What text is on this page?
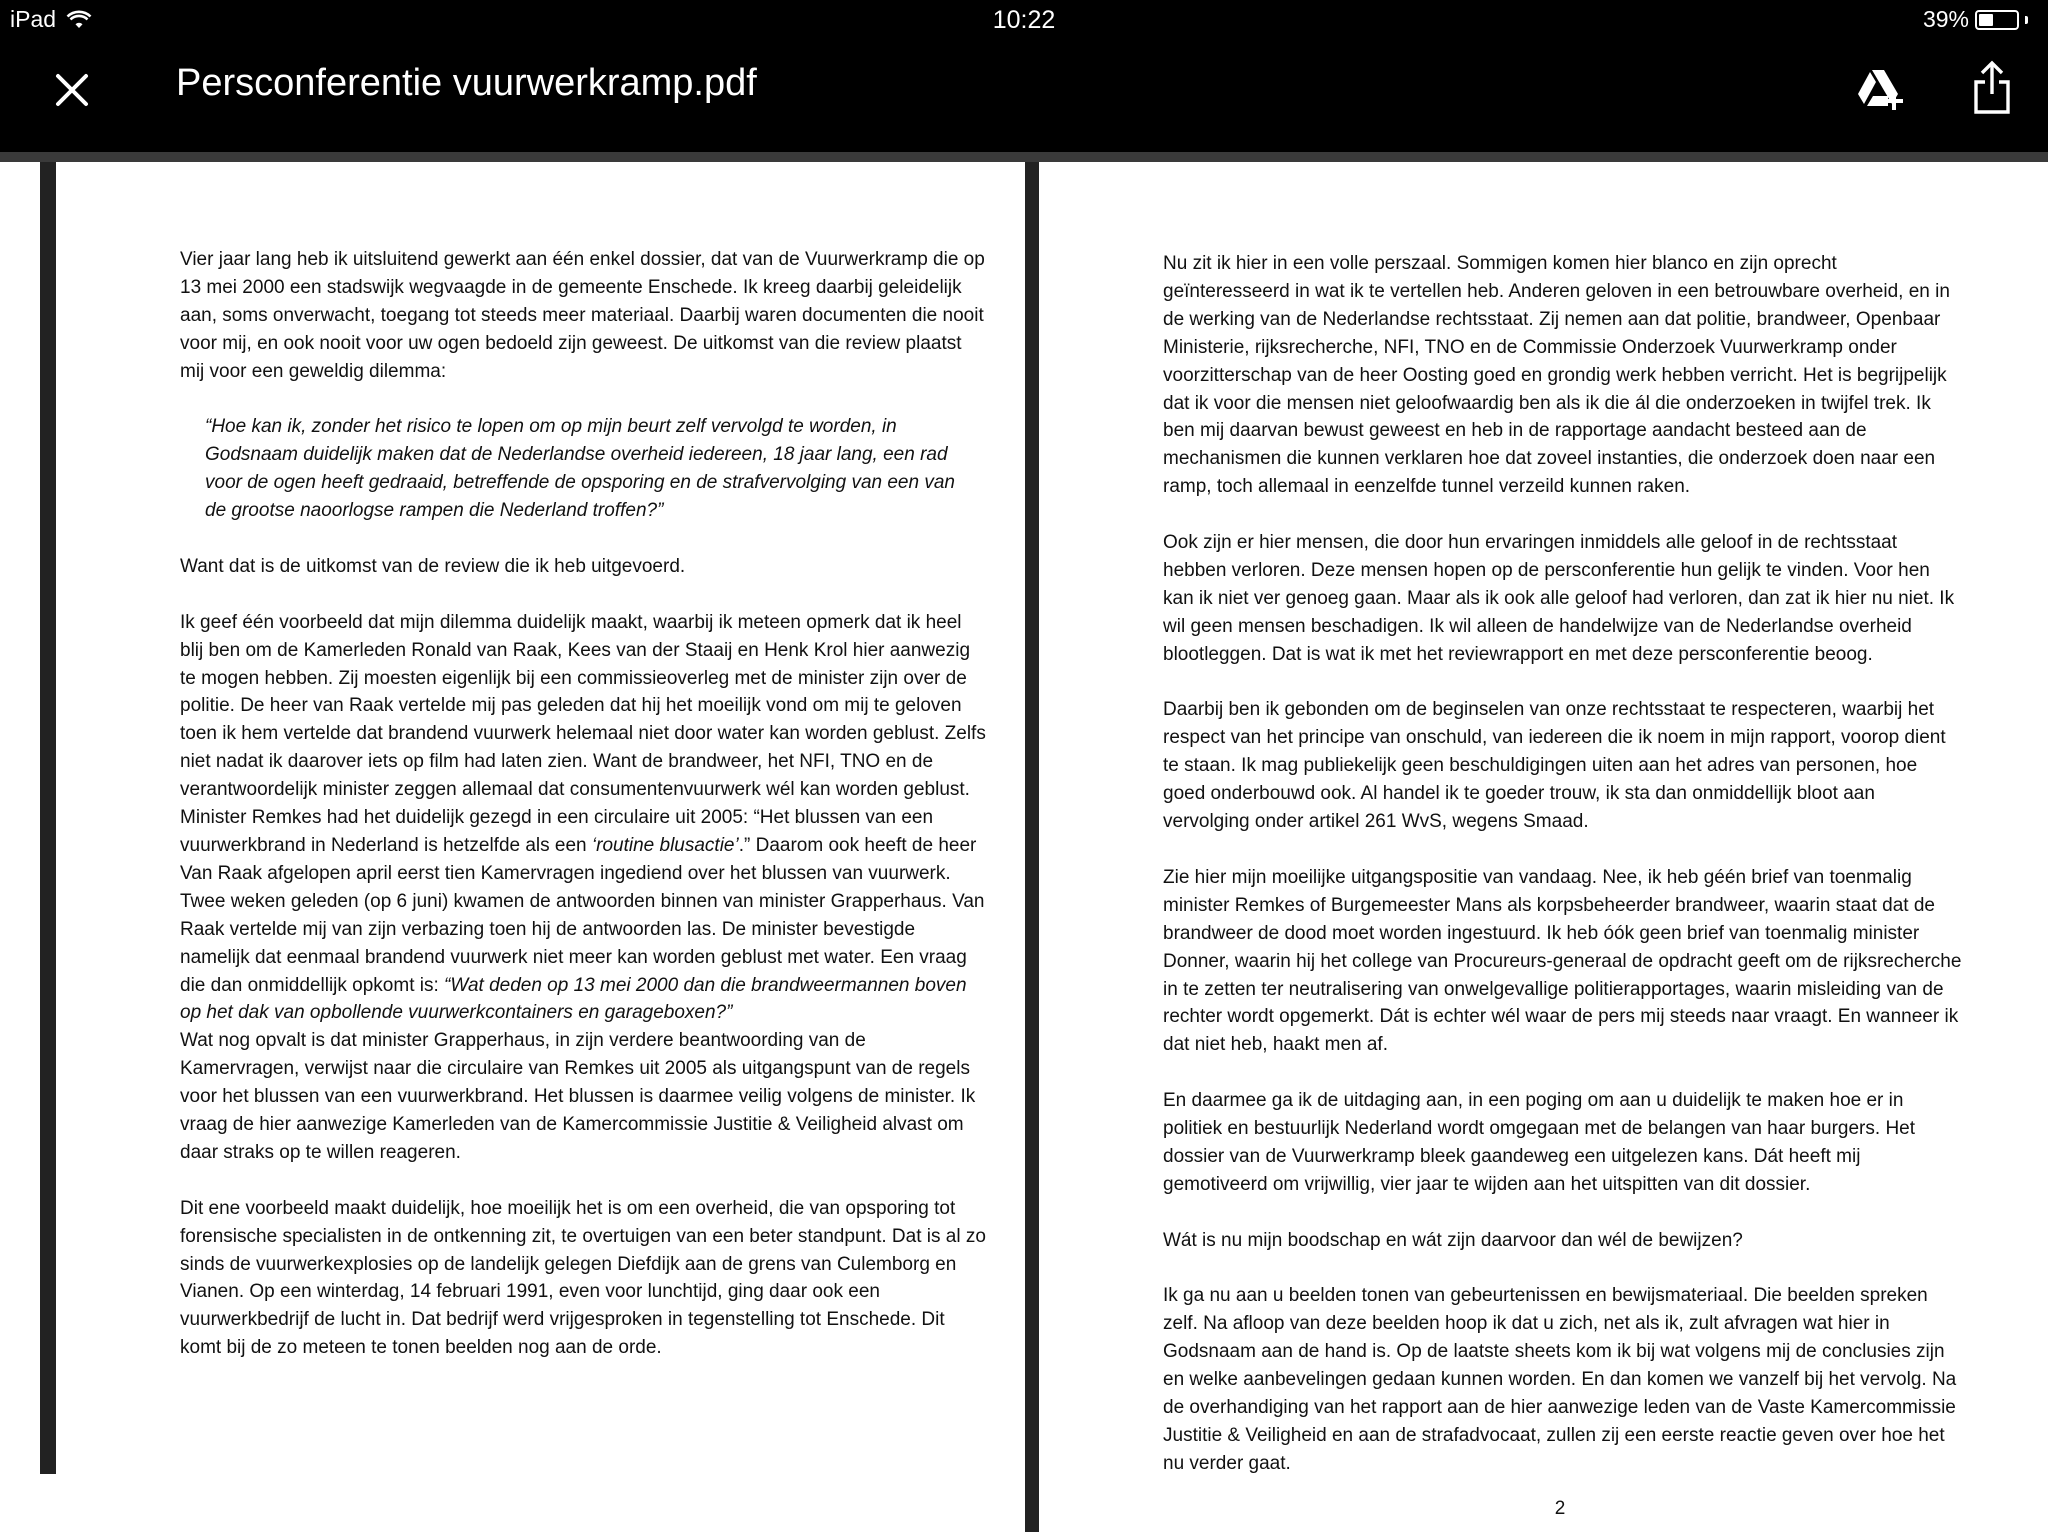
iPad	10:22	39%
Persconferentie vuurwerkramp.pdf

Vier jaar lang heb ik uitsluitend gewerkt aan één enkel dossier, dat van de Vuurwerkramp die op 13 mei 2000 een stadswijk wegvaagde in de gemeente Enschede. Ik kreeg daarbij geleidelijk aan, soms onverwacht, toegang tot steeds meer materiaal. Daarbij waren documenten die nooit voor mij, en ook nooit voor uw ogen bedoeld zijn geweest. De uitkomst van die review plaatst mij voor een geweldig dilemma:

“Hoe kan ik, zonder het risico te lopen om op mijn beurt zelf vervolgd te worden, in Godsnaam duidelijk maken dat de Nederlandse overheid iedereen, 18 jaar lang, een rad voor de ogen heeft gedraaid, betreffende de opsporing en de strafvervolging van een van de grootse naoorlogse rampen die Nederland troffen?”

Want dat is de uitkomst van de review die ik heb uitgevoerd.

Ik geef één voorbeeld dat mijn dilemma duidelijk maakt, waarbij ik meteen opmerk dat ik heel blij ben om de Kamerleden Ronald van Raak, Kees van der Staaij en Henk Krol hier aanwezig te mogen hebben. Zij moesten eigenlijk bij een commissieoverleg met de minister zijn over de politie. De heer van Raak vertelde mij pas geleden dat hij het moeilijk vond om mij te geloven toen ik hem vertelde dat brandend vuurwerk helemaal niet door water kan worden geblust. Zelfs niet nadat ik daarover iets op film had laten zien. Want de brandweer, het NFI, TNO en de verantwoordelijk minister zeggen allemaal dat consumentenvuurwerk wél kan worden geblust. Minister Remkes had het duidelijk gezegd in een circulaire uit 2005: “Het blussen van een vuurwerkbrand in Nederland is hetzelfde als een ‘routine blusactie’.” Daarom ook heeft de heer Van Raak afgelopen april eerst tien Kamervragen ingediend over het blussen van vuurwerk. Twee weken geleden (op 6 juni) kwamen de antwoorden binnen van minister Grapperhaus. Van Raak vertelde mij van zijn verbazing toen hij de antwoorden las. De minister bevestigde namelijk dat eenmaal brandend vuurwerk niet meer kan worden geblust met water. Een vraag die dan onmiddellijk opkomt is: “Wat deden op 13 mei 2000 dan die brandweermannen boven op het dak van opbollende vuurwerkcontainers en garageboxen?”

Wat nog opvalt is dat minister Grapperhaus, in zijn verdere beantwoording van de Kamervragen, verwijst naar die circulaire van Remkes uit 2005 als uitgangspunt van de regels voor het blussen van een vuurwerkbrand. Het blussen is daarmee veilig volgens de minister. Ik vraag de hier aanwezige Kamerleden van de Kamercommissie Justitie & Veiligheid alvast om daar straks op te willen reageren.

Dit ene voorbeeld maakt duidelijk, hoe moeilijk het is om een overheid, die van opsporing tot forensische specialisten in de ontkenning zit, te overtuigen van een beter standpunt. Dat is al zo sinds de vuurwerkexplosies op de landelijk gelegen Diefdijk aan de grens van Culemborg en Vianen. Op een winterdag, 14 februari 1991, even voor lunchtijd, ging daar ook een vuurwerkbedrijf de lucht in. Dat bedrijf werd vrijgesproken in tegenstelling tot Enschede. Dit komt bij de zo meteen te tonen beelden nog aan de orde.

Nu zit ik hier in een volle perszaal. Sommigen komen hier blanco en zijn oprecht geïnteresseerd in wat ik te vertellen heb. Anderen geloven in een betrouwbare overheid, en in de werking van de Nederlandse rechtsstaat. Zij nemen aan dat politie, brandweer, Openbaar Ministerie, rijksrecherche, NFI, TNO en de Commissie Onderzoek Vuurwerkramp onder voorzitterschap van de heer Oosting goed en grondig werk hebben verricht. Het is begrijpelijk dat ik voor die mensen niet geloofwaardig ben als ik die ál die onderzoeken in twijfel trek. Ik ben mij daarvan bewust geweest en heb in de rapportage aandacht besteed aan de mechanismen die kunnen verklaren hoe dat zoveel instanties, die onderzoek doen naar een ramp, toch allemaal in eenzelfde tunnel verzeild kunnen raken.

Ook zijn er hier mensen, die door hun ervaringen inmiddels alle geloof in de rechtsstaat hebben verloren. Deze mensen hopen op de persconferentie hun gelijk te vinden. Voor hen kan ik niet ver genoeg gaan. Maar als ik ook alle geloof had verloren, dan zat ik hier nu niet. Ik wil geen mensen beschadigen. Ik wil alleen de handelwijze van de Nederlandse overheid blootleggen. Dat is wat ik met het reviewrapport en met deze persconferentie beoog.

Daarbij ben ik gebonden om de beginselen van onze rechtsstaat te respecteren, waarbij het respect van het principe van onschuld, van iedereen die ik noem in mijn rapport, voorop dient te staan. Ik mag publiekelijk geen beschuldigingen uiten aan het adres van personen, hoe goed onderbouwd ook. Al handel ik te goeder trouw, ik sta dan onmiddellijk bloot aan vervolging onder artikel 261 WvS, wegens Smaad.

Zie hier mijn moeilijke uitgangspositie van vandaag. Nee, ik heb géén brief van toenmalig minister Remkes of Burgemeester Mans als korpsbeheerder brandweer, waarin staat dat de brandweer de dood moet worden ingestuurd. Ik heb óók geen brief van toenmalig minister Donner, waarin hij het college van Procureurs-generaal de opdracht geeft om de rijksrecherche in te zetten ter neutralisering van onwelgevallige politierapportages, waarin misleiding van de rechter wordt opgemerkt. Dát is echter wél waar de pers mij steeds naar vraagt. En wanneer ik dat niet heb, haakt men af.

En daarmee ga ik de uitdaging aan, in een poging om aan u duidelijk te maken hoe er in politiek en bestuurlijk Nederland wordt omgegaan met de belangen van haar burgers. Het dossier van de Vuurwerkramp bleek gaandeweg een uitgelezen kans. Dát heeft mij gemotiveerd om vrijwillig, vier jaar te wijden aan het uitspitten van dit dossier.

Wát is nu mijn boodschap en wát zijn daarvoor dan wél de bewijzen?

Ik ga nu aan u beelden tonen van gebeurtenissen en bewijsmateriaal. Die beelden spreken zelf. Na afloop van deze beelden hoop ik dat u zich, net als ik, zult afvragen wat hier in Godsnaam aan de hand is. Op de laatste sheets kom ik bij wat volgens mij de conclusies zijn en welke aanbevelingen gedaan kunnen worden. En dan komen we vanzelf bij het vervolg. Na de overhandiging van het rapport aan de hier aanwezige leden van de Vaste Kamercommissie Justitie & Veiligheid en aan de strafadvocaat, zullen zij een eerste reactie geven over hoe het nu verder gaat.

2
